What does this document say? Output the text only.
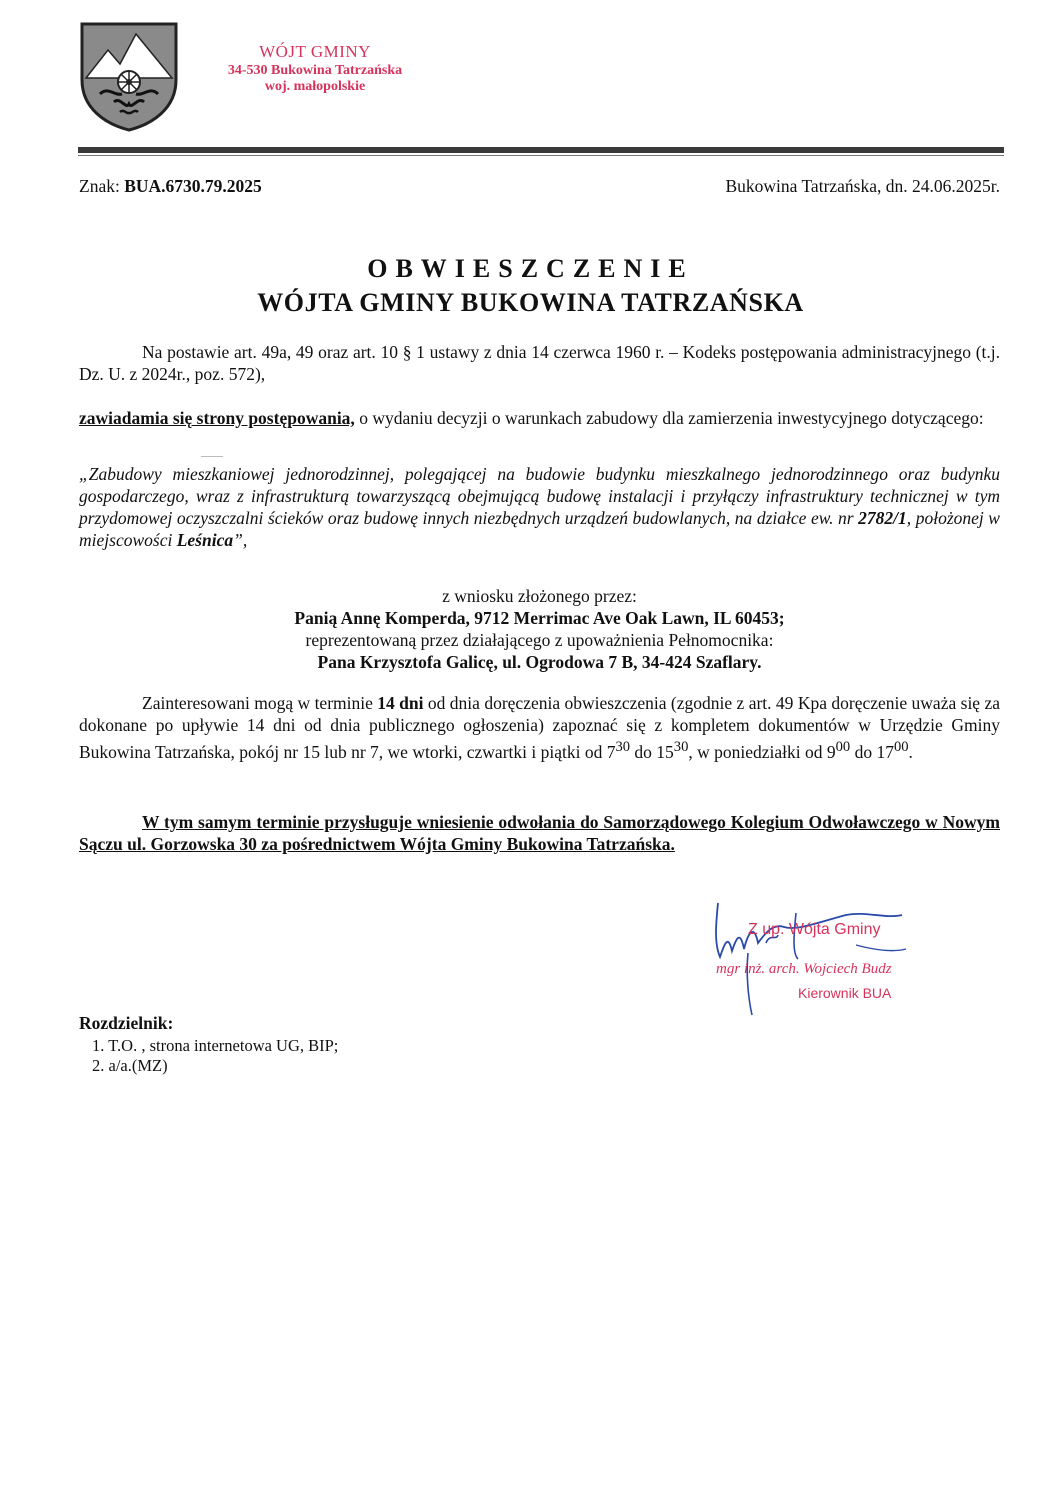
WÓJT GMINY
34-530 Bukowina Tatrzańska
woj. małopolskie
Znak: BUA.6730.79.2025	Bukowina Tatrzańska, dn. 24.06.2025r.
OBWIESZCZENIE
WÓJTA GMINY BUKOWINA TATRZAŃSKA
Na postawie art. 49a, 49 oraz art. 10 § 1 ustawy z dnia 14 czerwca 1960 r. – Kodeks postępowania administracyjnego (t.j. Dz. U. z 2024r., poz. 572),
zawiadamia się strony postępowania, o wydaniu decyzji o warunkach zabudowy dla zamierzenia inwestycyjnego dotyczącego:
„Zabudowy mieszkaniowej jednorodzinnej, polegającej na budowie budynku mieszkalnego jednorodzinnego oraz budynku gospodarczego, wraz z infrastrukturą towarzyszącą obejmującą budowę instalacji i przyłączy infrastruktury technicznej w tym przydomowej oczyszczalni ścieków oraz budowę innych niezbędnych urządzeń budowlanych, na działce ew. nr 2782/1, położonej w miejscowości Leśnica”,
z wniosku złożonego przez:
Panią Annę Komperda, 9712 Merrimac Ave Oak Lawn, IL 60453;
reprezentowaną przez działającego z upoważnienia Pełnomocnika:
Pana Krzysztofa Galicę, ul. Ogrodowa 7 B, 34-424 Szaflary.
Zainteresowani mogą w terminie 14 dni od dnia doręczenia obwieszczenia (zgodnie z art. 49 Kpa doręczenie uważa się za dokonane po upływie 14 dni od dnia publicznego ogłoszenia) zapoznać się z kompletem dokumentów w Urzędzie Gminy Bukowina Tatrzańska, pokój nr 15 lub nr 7, we wtorki, czwartki i piątki od $7^{30}$ do $15^{30}$, w poniedziałki od $9^{00}$ do $17^{00}$.
W tym samym terminie przysługuje wniesienie odwołania do Samorządowego Kolegium Odwoławczego w Nowym Sączu ul. Gorzowska 30 za pośrednictwem Wójta Gminy Bukowina Tatrzańska.
Z up. Wójta Gminy
mgr inż. arch. Wojciech Budz
Kierownik BUA
Rozdzielnik:
1. T.O. , strona internetowa UG, BIP;
2. a/a.(MZ)
